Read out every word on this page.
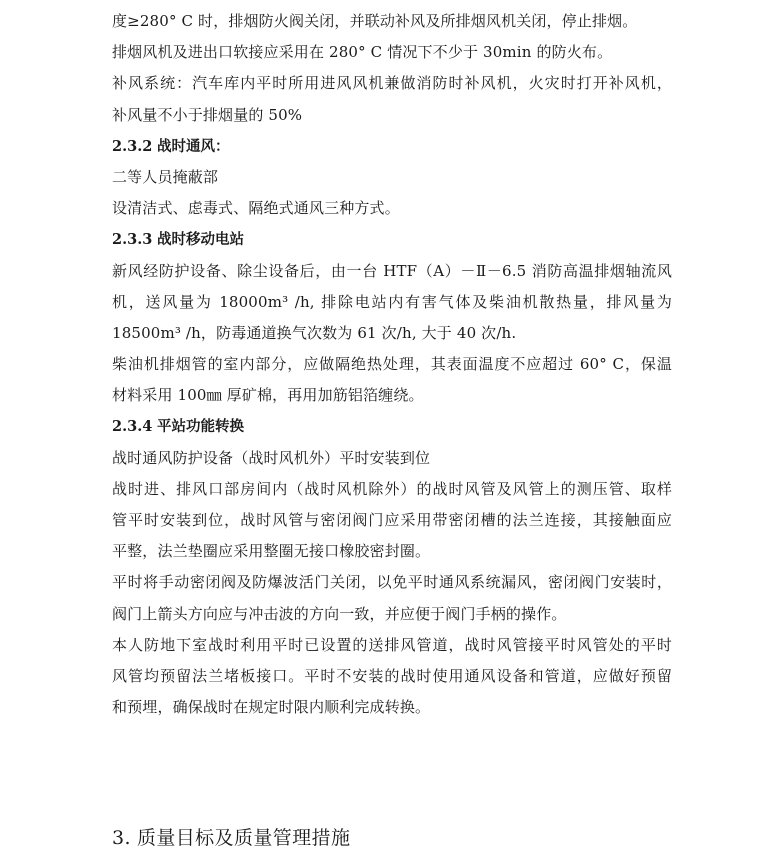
度≥280° C 时，排烟防火阀关闭，并联动补风及所排烟风机关闭，停止排烟。
排烟风机及进出口软接应采用在 280° C 情况下不少于 30min 的防火布。
补风系统：汽车库内平时所用进风风机兼做消防时补风机，火灾时打开补风机，
补风量不小于排烟量的 50%
2.3.2 战时通风：
二等人员掩蔽部
设清洁式、虑毒式、隔绝式通风三种方式。
2.3.3 战时移动电站
新风经防护设备、除尘设备后，由一台 HTF（A）－Ⅱ－6.5 消防高温排烟轴流风
机，送风量为 18000m³ /h, 排除电站内有害气体及柴油机散热量，排风量为
18500m³ /h，防毒通道换气次数为 61 次/h, 大于 40 次/h.
柴油机排烟管的室内部分，应做隔绝热处理，其表面温度不应超过 60° C，保温
材料采用 100㎜ 厚矿棉，再用加筋铝箔缠绕。
2.3.4 平站功能转换
战时通风防护设备（战时风机外）平时安装到位
战时进、排风口部房间内（战时风机除外）的战时风管及风管上的测压管、取样
管平时安装到位，战时风管与密闭阀门应采用带密闭槽的法兰连接，其接触面应
平整，法兰垫圈应采用整圈无接口橡胶密封圈。
平时将手动密闭阀及防爆波活门关闭，以免平时通风系统漏风，密闭阀门安装时，
阀门上箭头方向应与冲击波的方向一致，并应便于阀门手柄的操作。
本人防地下室战时利用平时已设置的送排风管道，战时风管接平时风管处的平时
风管均预留法兰堵板接口。平时不安装的战时使用通风设备和管道，应做好预留
和预埋，确保战时在规定时限内顺利完成转换。
3. 质量目标及质量管理措施
